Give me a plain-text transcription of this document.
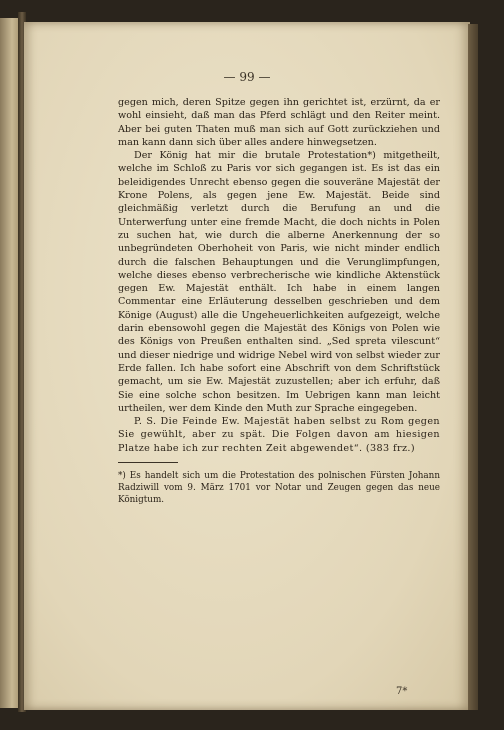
— 99 —

gegen mich, deren Spitze gegen ihn gerichtet ist, erzürnt, da er wohl einsieht, daß man das Pferd schlägt und den Reiter meint. Aber bei guten Thaten muß man sich auf Gott zurückziehen und man kann dann sich über alles andere hinwegsetzen.

Der König hat mir die brutale Protestation*) mitgetheilt, welche im Schloß zu Paris vor sich gegangen ist. Es ist das ein beleidigendes Unrecht ebenso gegen die souveräne Majestät der Krone Polens, als gegen jene Ew. Majestät. Beide sind gleichmäßig verletzt durch die Berufung an und die Unterwerfung unter eine fremde Macht, die doch nichts in Polen zu suchen hat, wie durch die alberne Anerkennung der so unbegründeten Oberhoheit von Paris, wie nicht minder endlich durch die falschen Behauptungen und die Verunglimpfungen, welche dieses ebenso verbrecherische wie kindliche Aktenstück gegen Ew. Majestät enthält. Ich habe in einem langen Commentar eine Erläuterung desselben geschrieben und dem Könige (August) alle die Ungeheuerlichkeiten aufgezeigt, welche darin ebensowohl gegen die Majestät des Königs von Polen wie des Königs von Preußen enthalten sind. „Sed spreta vilescunt“ und dieser niedrige und widrige Nebel wird von selbst wieder zur Erde fallen. Ich habe sofort eine Abschrift von dem Schriftstück gemacht, um sie Ew. Majestät zuzustellen; aber ich erfuhr, daß Sie eine solche schon besitzen. Im Uebrigen kann man leicht urtheilen, wer dem Kinde den Muth zur Sprache eingegeben.

P. S. Die Feinde Ew. Majestät haben selbst zu Rom gegen Sie gewühlt, aber zu spät. Die Folgen davon am hiesigen Platze habe ich zur rechten Zeit abgewendet“. (383 frz.)

*) Es handelt sich um die Protestation des polnischen Fürsten Johann Radziwill vom 9. März 1701 vor Notar und Zeugen gegen das neue Königtum.
7*
